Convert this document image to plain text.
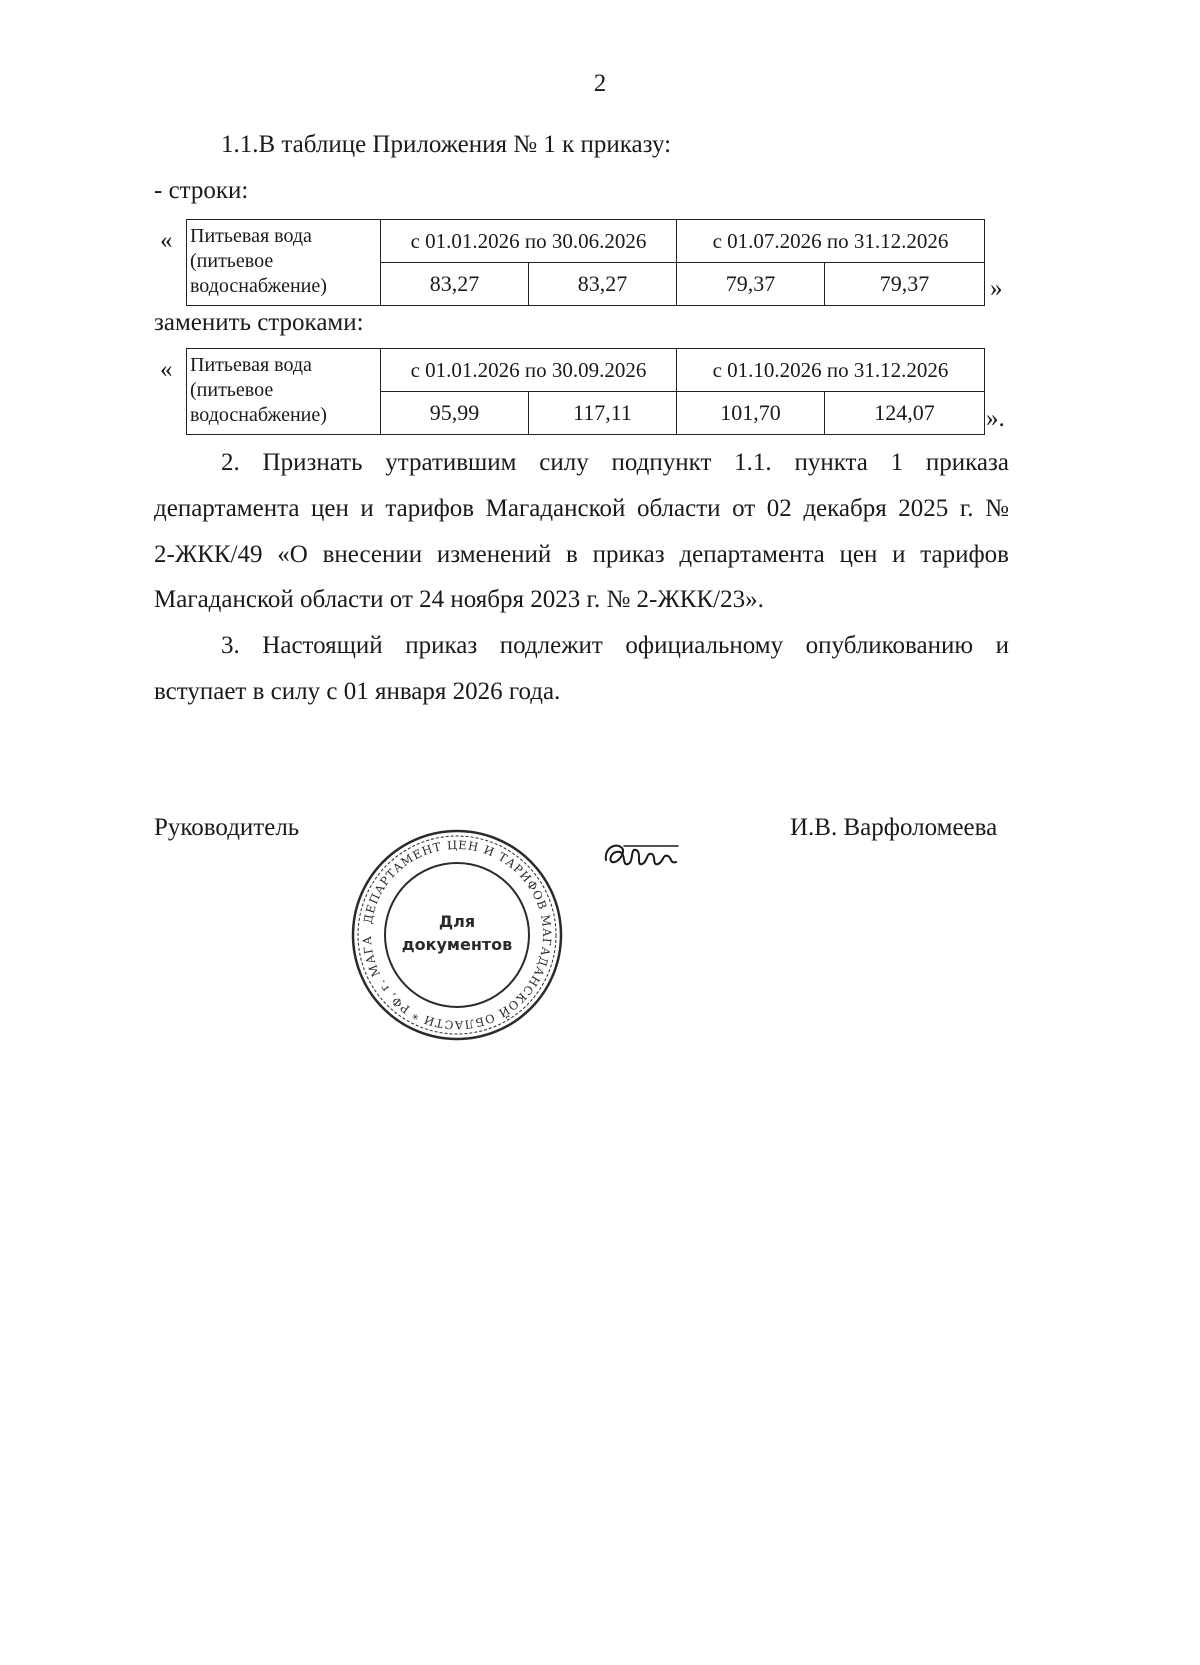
2
1.1.В таблице Приложения № 1 к приказу:
- строки:
« Питьевая вода
(питьевое
водоснабжение)	с 01.01.2026 по 30.06.2026		с 01.07.2026 по 31.12.2026	
	83,27	83,27	79,37	79,37 »
заменить строками:
« Питьевая вода
(питьевое
водоснабжение)	с 01.01.2026 по 30.09.2026		с 01.10.2026 по 31.12.2026	
	95,99	117,11	101,70	124,07 ».
2. Признать утратившим силу подпункт 1.1. пункта 1 приказа
департамента цен и тарифов Магаданской области от 02 декабря 2025 г. №
2-ЖКК/49 «О внесении изменений в приказ департамента цен и тарифов
Магаданской области от 24 ноября 2023 г. № 2-ЖКК/23».
3. Настоящий приказ подлежит официальному опубликованию и
вступает в силу с 01 января 2026 года.
Руководитель	И.В. Варфоломеева
ДЕПАРТАМЕНТ ЦЕН И ТАРИФОВ МАГАДАНСКОЙ ОБЛАСТИ * РФ, г. МАГА
Для
документов
